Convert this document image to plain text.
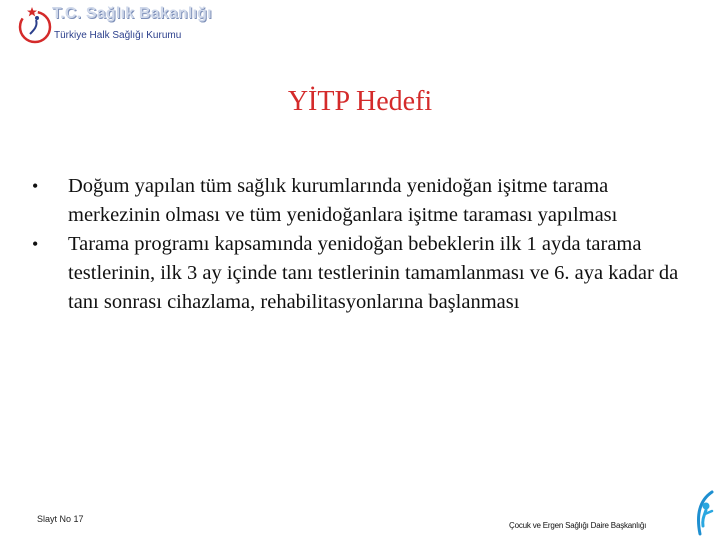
T.C. Sağlık Bakanlığı
Türkiye Halk Sağlığı Kurumu
YİTP Hedefi
• Doğum yapılan tüm sağlık kurumlarında yenidoğan işitme tarama merkezinin olması ve tüm yenidoğanlara işitme taraması yapılması
• Tarama programı kapsamında yenidoğan bebeklerin ilk 1 ayda tarama testlerinin, ilk 3 ay içinde tanı testlerinin tamamlanması ve 6. aya kadar da tanı sonrası cihazlama, rehabilitasyonlarına başlanması
Slayt No 17
Çocuk ve Ergen Sağlığı Daire Başkanlığı
